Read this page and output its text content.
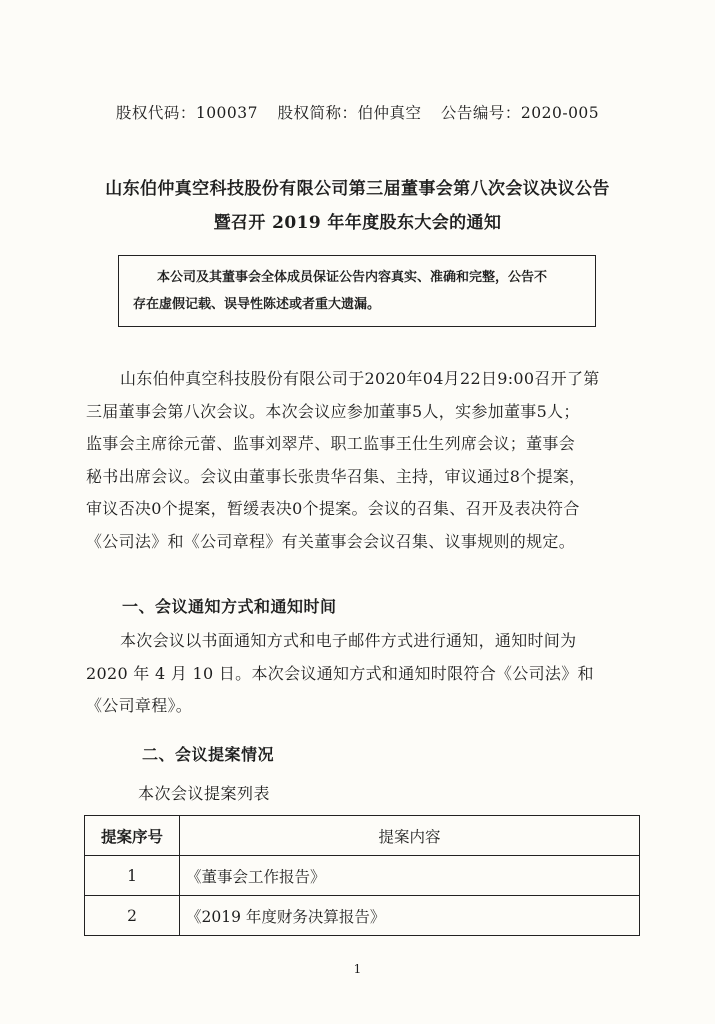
股权代码：100037 股权简称：伯仲真空 公告编号：2020-005
山东伯仲真空科技股份有限公司第三届董事会第八次会议决议公告
暨召开 2019 年年度股东大会的通知
本公司及其董事会全体成员保证公告内容真实、准确和完整，公告不
存在虚假记载、误导性陈述或者重大遗漏。
山东伯仲真空科技股份有限公司于2020年04月22日9:00召开了第
三届董事会第八次会议。本次会议应参加董事5人，实参加董事5人；
监事会主席徐元蕾、监事刘翠芹、职工监事王仕生列席会议；董事会
秘书出席会议。会议由董事长张贵华召集、主持，审议通过8个提案，
审议否决0个提案，暂缓表决0个提案。会议的召集、召开及表决符合
《公司法》和《公司章程》有关董事会会议召集、议事规则的规定。
一、会议通知方式和通知时间
本次会议以书面通知方式和电子邮件方式进行通知，通知时间为
2020 年 4 月 10 日。本次会议通知方式和通知时限符合《公司法》和
《公司章程》。
二、会议提案情况
本次会议提案列表
提案序号	提案内容
1	《董事会工作报告》
2	《2019 年度财务决算报告》
1
